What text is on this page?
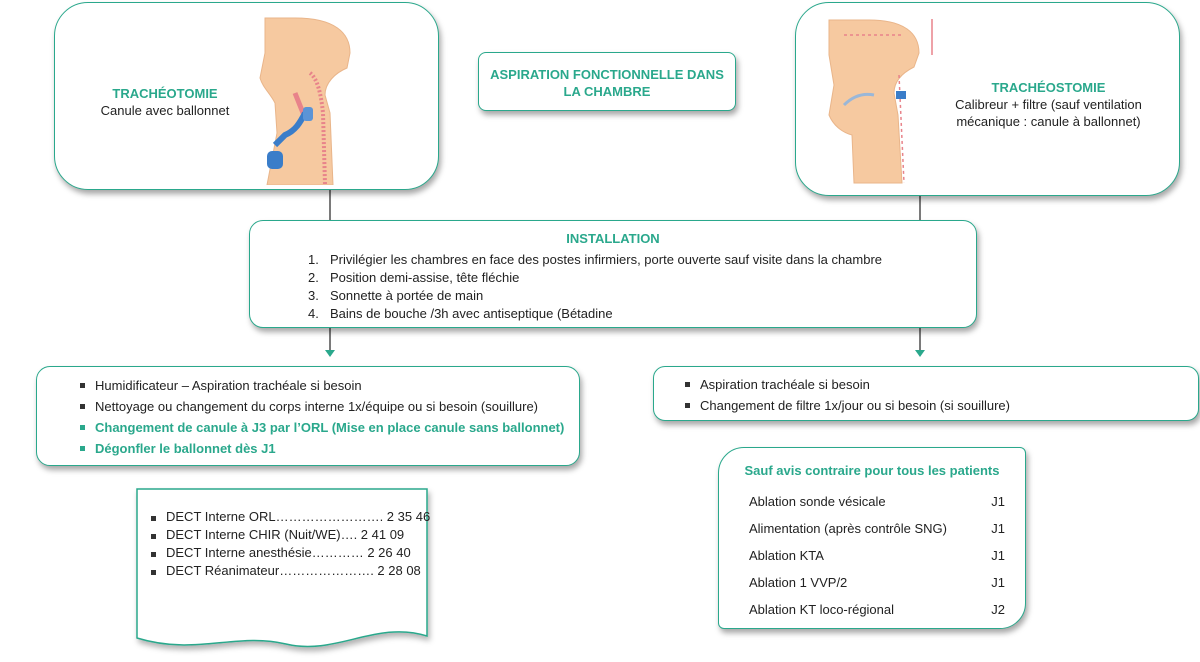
TRACHÉOTOMIE
Canule avec ballonnet
ASPIRATION FONCTIONNELLE DANS
LA CHAMBRE	TRACHÉOSTOMIE
Calibreur + filtre (sauf ventilation
mécanique : canule à ballonnet)
INSTALLATION
1. Privilégier les chambres en face des postes infirmiers, porte ouverte sauf visite dans la chambre
2. Position demi-assise, tête fléchie
3. Sonnette à portée de main
4. Bains de bouche /3h avec antiseptique (Bétadine
Humidificateur – Aspiration trachéale si besoin
Nettoyage ou changement du corps interne 1x/équipe ou si besoin (souillure)
Changement de canule à J3 par l’ORL (Mise en place canule sans ballonnet)
Dégonfler le ballonnet dès J1
Aspiration trachéale si besoin
Changement de filtre 1x/jour ou si besoin (si souillure)
DECT Interne ORL……………………. 2 35 46
DECT Interne CHIR (Nuit/WE)…. 2 41 09
DECT Interne anesthésie………… 2 26 40
DECT Réanimateur…………………. 2 28 08
Sauf avis contraire pour tous les patients
Ablation sonde vésicale	J1
Alimentation (après contrôle SNG)	J1
Ablation KTA	J1
Ablation 1 VVP/2	J1
Ablation KT loco-régional	J2
